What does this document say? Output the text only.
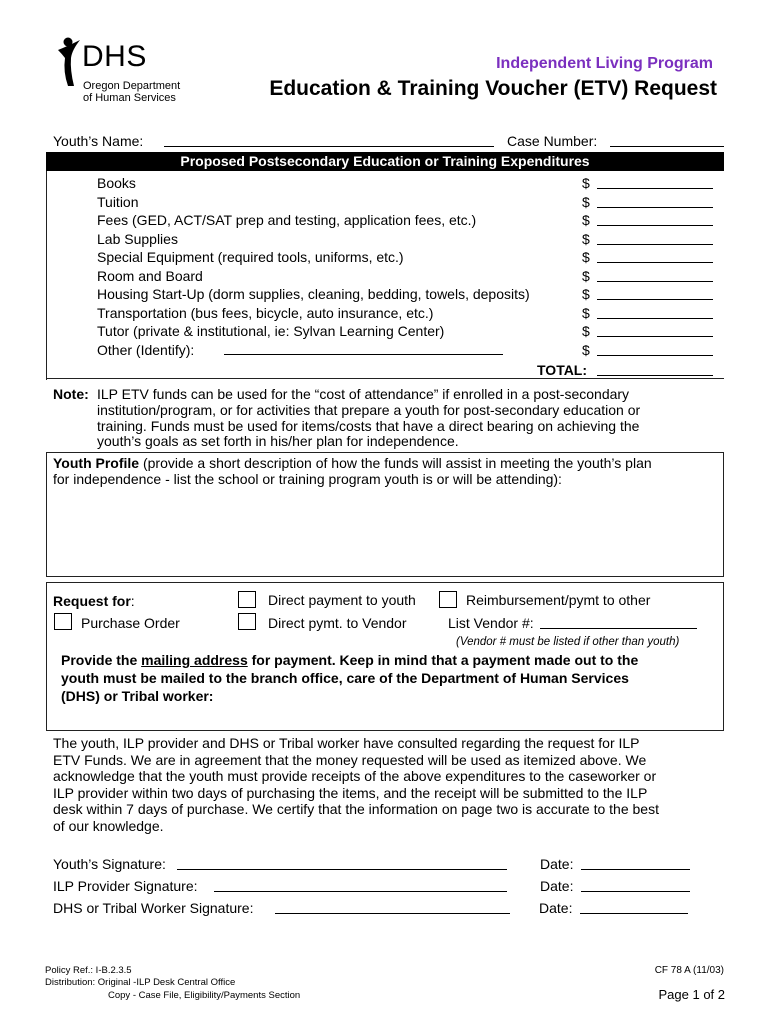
DHS
Oregon Department
of Human Services
Independent Living Program
Education & Training Voucher (ETV) Request
Youth’s Name:	Case Number:
Proposed Postsecondary Education or Training Expenditures
Books	$
Tuition	$
Fees (GED, ACT/SAT prep and testing, application fees, etc.)	$
Lab Supplies	$
Special Equipment (required tools, uniforms, etc.)	$
Room and Board	$
Housing Start-Up (dorm supplies, cleaning, bedding, towels, deposits)	$
Transportation (bus fees, bicycle, auto insurance, etc.)	$
Tutor (private & institutional, ie: Sylvan Learning Center)	$
Other (Identify):	$
TOTAL:
Note: ILP ETV funds can be used for the “cost of attendance” if enrolled in a post-secondary
institution/program, or for activities that prepare a youth for post-secondary education or
training. Funds must be used for items/costs that have a direct bearing on achieving the
youth’s goals as set forth in his/her plan for independence.
Youth Profile (provide a short description of how the funds will assist in meeting the youth’s plan
for independence - list the school or training program youth is or will be attending):
Request for:
Purchase Order
Direct payment to youth
Direct pymt. to Vendor
Reimbursement/pymt to other
List Vendor #:
(Vendor # must be listed if other than youth)
Provide the mailing address for payment. Keep in mind that a payment made out to the
youth must be mailed to the branch office, care of the Department of Human Services
(DHS) or Tribal worker:
The youth, ILP provider and DHS or Tribal worker have consulted regarding the request for ILP
ETV Funds. We are in agreement that the money requested will be used as itemized above. We
acknowledge that the youth must provide receipts of the above expenditures to the caseworker or
ILP provider within two days of purchasing the items, and the receipt will be submitted to the ILP
desk within 7 days of purchase. We certify that the information on page two is accurate to the best
of our knowledge.
Youth’s Signature:	Date:
ILP Provider Signature:	Date:
DHS or Tribal Worker Signature:	Date:
Policy Ref.: I-B.2.3.5
Distribution: Original -ILP Desk Central Office
Copy - Case File, Eligibility/Payments Section
CF 78 A (11/03)
Page 1 of 2
